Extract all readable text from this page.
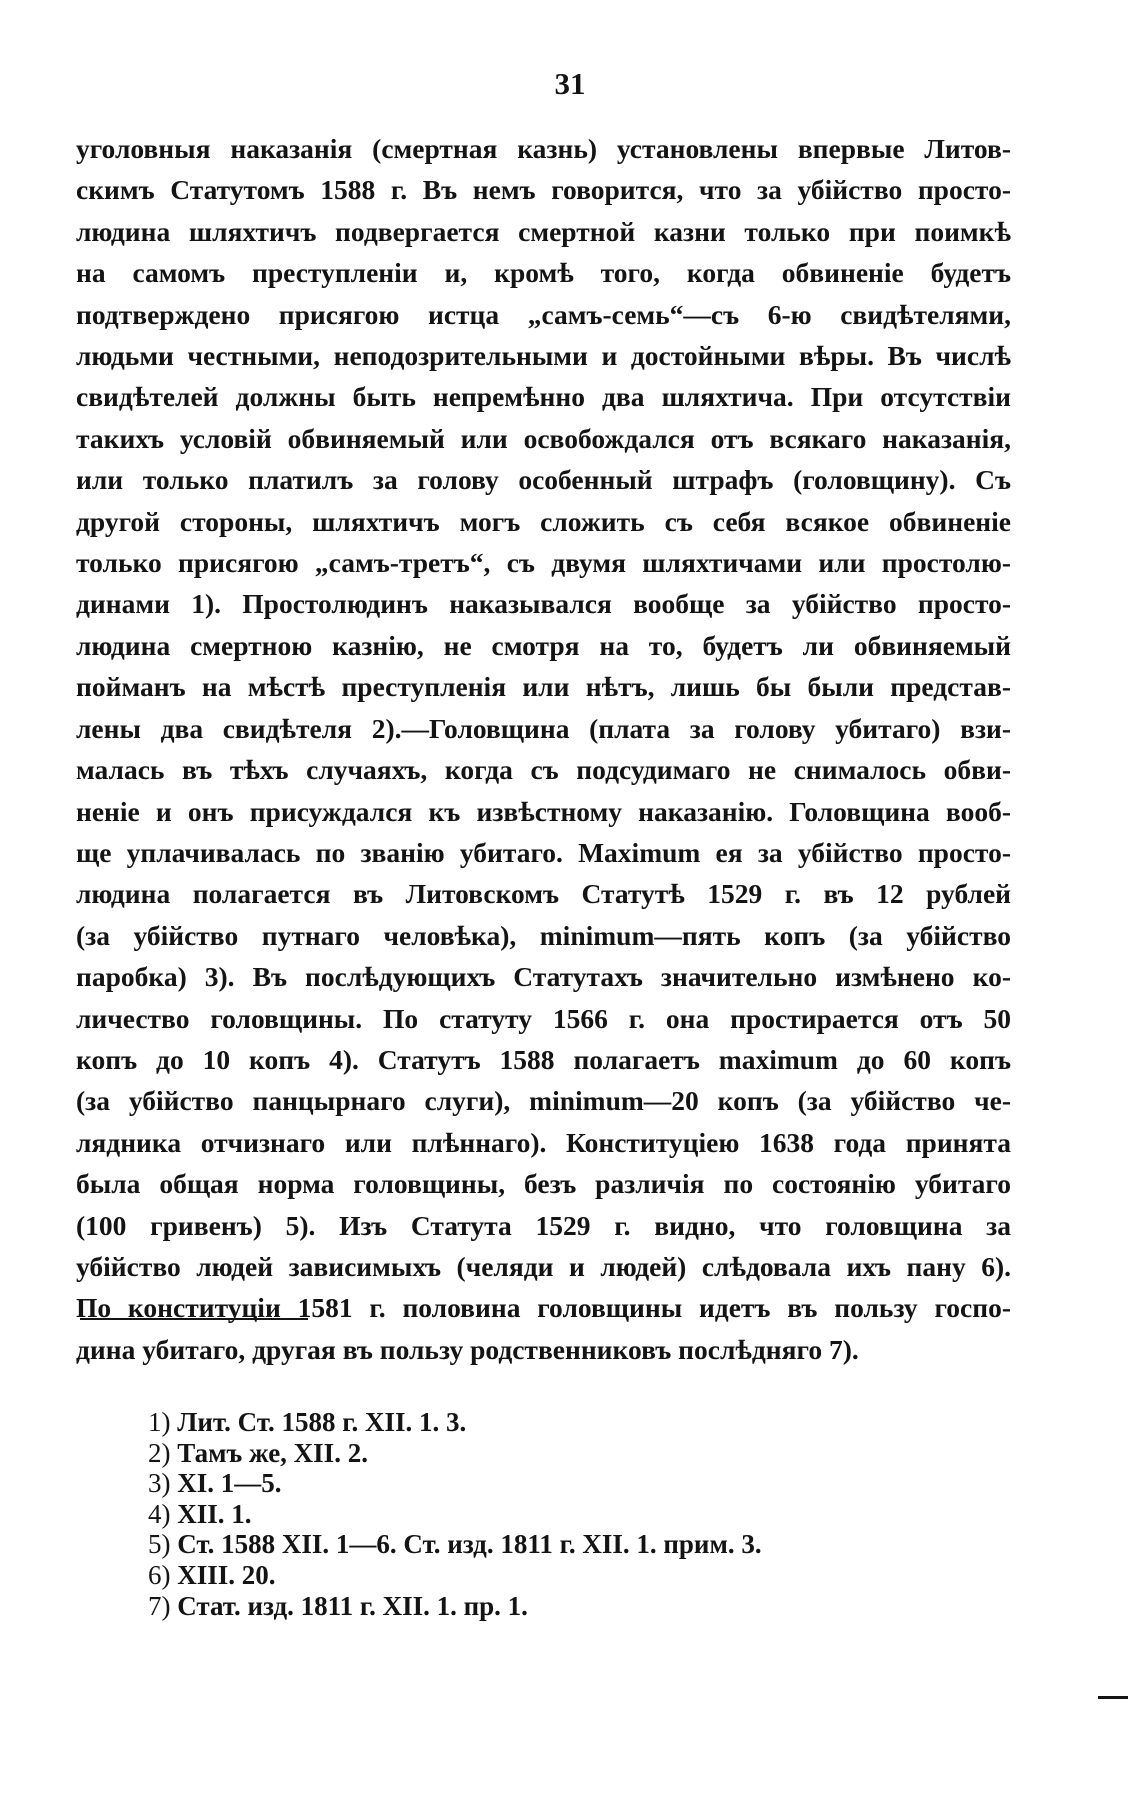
31
уголовныя наказанія (смертная казнь) установлены впервые Литов-
скимъ Статутомъ 1588 г. Въ немъ говорится, что за убійство просто-
людина шляхтичъ подвергается смертной казни только при поимкѣ
на самомъ преступленіи и, кромѣ того, когда обвиненіе будетъ
подтверждено присягою истца „самъ-семь“—съ 6-ю свидѣтелями,
людьми честными, неподозрительными и достойными вѣры. Въ числѣ
свидѣтелей должны быть непремѣнно два шляхтича. При отсутствіи
такихъ условій обвиняемый или освобождался отъ всякаго наказанія,
или только платилъ за голову особенный штрафъ (головщину). Съ
другой стороны, шляхтичъ могъ сложить съ себя всякое обвиненіе
только присягою „самъ-третъ“, съ двумя шляхтичами или простолю-
динами 1). Простолюдинъ наказывался вообще за убійство просто-
людина смертною казнію, не смотря на то, будетъ ли обвиняемый
пойманъ на мѣстѣ преступленія или нѣтъ, лишь бы были представ-
лены два свидѣтеля 2).—Головщина (плата за голову убитаго) взи-
малась въ тѣхъ случаяхъ, когда съ подсудимаго не снималось обви-
неніе и онъ присуждался къ извѣстному наказанію. Головщина вооб-
ще уплачивалась по званію убитаго. Maximum ея за убійство просто-
людина полагается въ Литовскомъ Статутѣ 1529 г. въ 12 рублей
(за убійство путнаго человѣка), minimum—пять копъ (за убійство
паробка) 3). Въ послѣдующихъ Статутахъ значительно измѣнено ко-
личество головщины. По статуту 1566 г. она простирается отъ 50
копъ до 10 копъ 4). Статутъ 1588 полагаетъ maximum до 60 копъ
(за убійство панцырнаго слуги), minimum—20 копъ (за убійство че-
лядника отчизнаго или плѣннаго). Конституціею 1638 года принята
была общая норма головщины, безъ различія по состоянію убитаго
(100 гривенъ) 5). Изъ Статута 1529 г. видно, что головщина за
убійство людей зависимыхъ (челяди и людей) слѣдовала ихъ пану 6).
По конституціи 1581 г. половина головщины идетъ въ пользу госпо-
дина убитаго, другая въ пользу родственниковъ послѣдняго 7).
1) Лит. Ст. 1588 г. XII. 1. 3.
2) Тамъ же, XII. 2.
3) XI. 1—5.
4) XII. 1.
5) Ст. 1588 XII. 1—6. Ст. изд. 1811 г. XII. 1. прим. 3.
6) XIII. 20.
7) Стат. изд. 1811 г. XII. 1. пр. 1.
